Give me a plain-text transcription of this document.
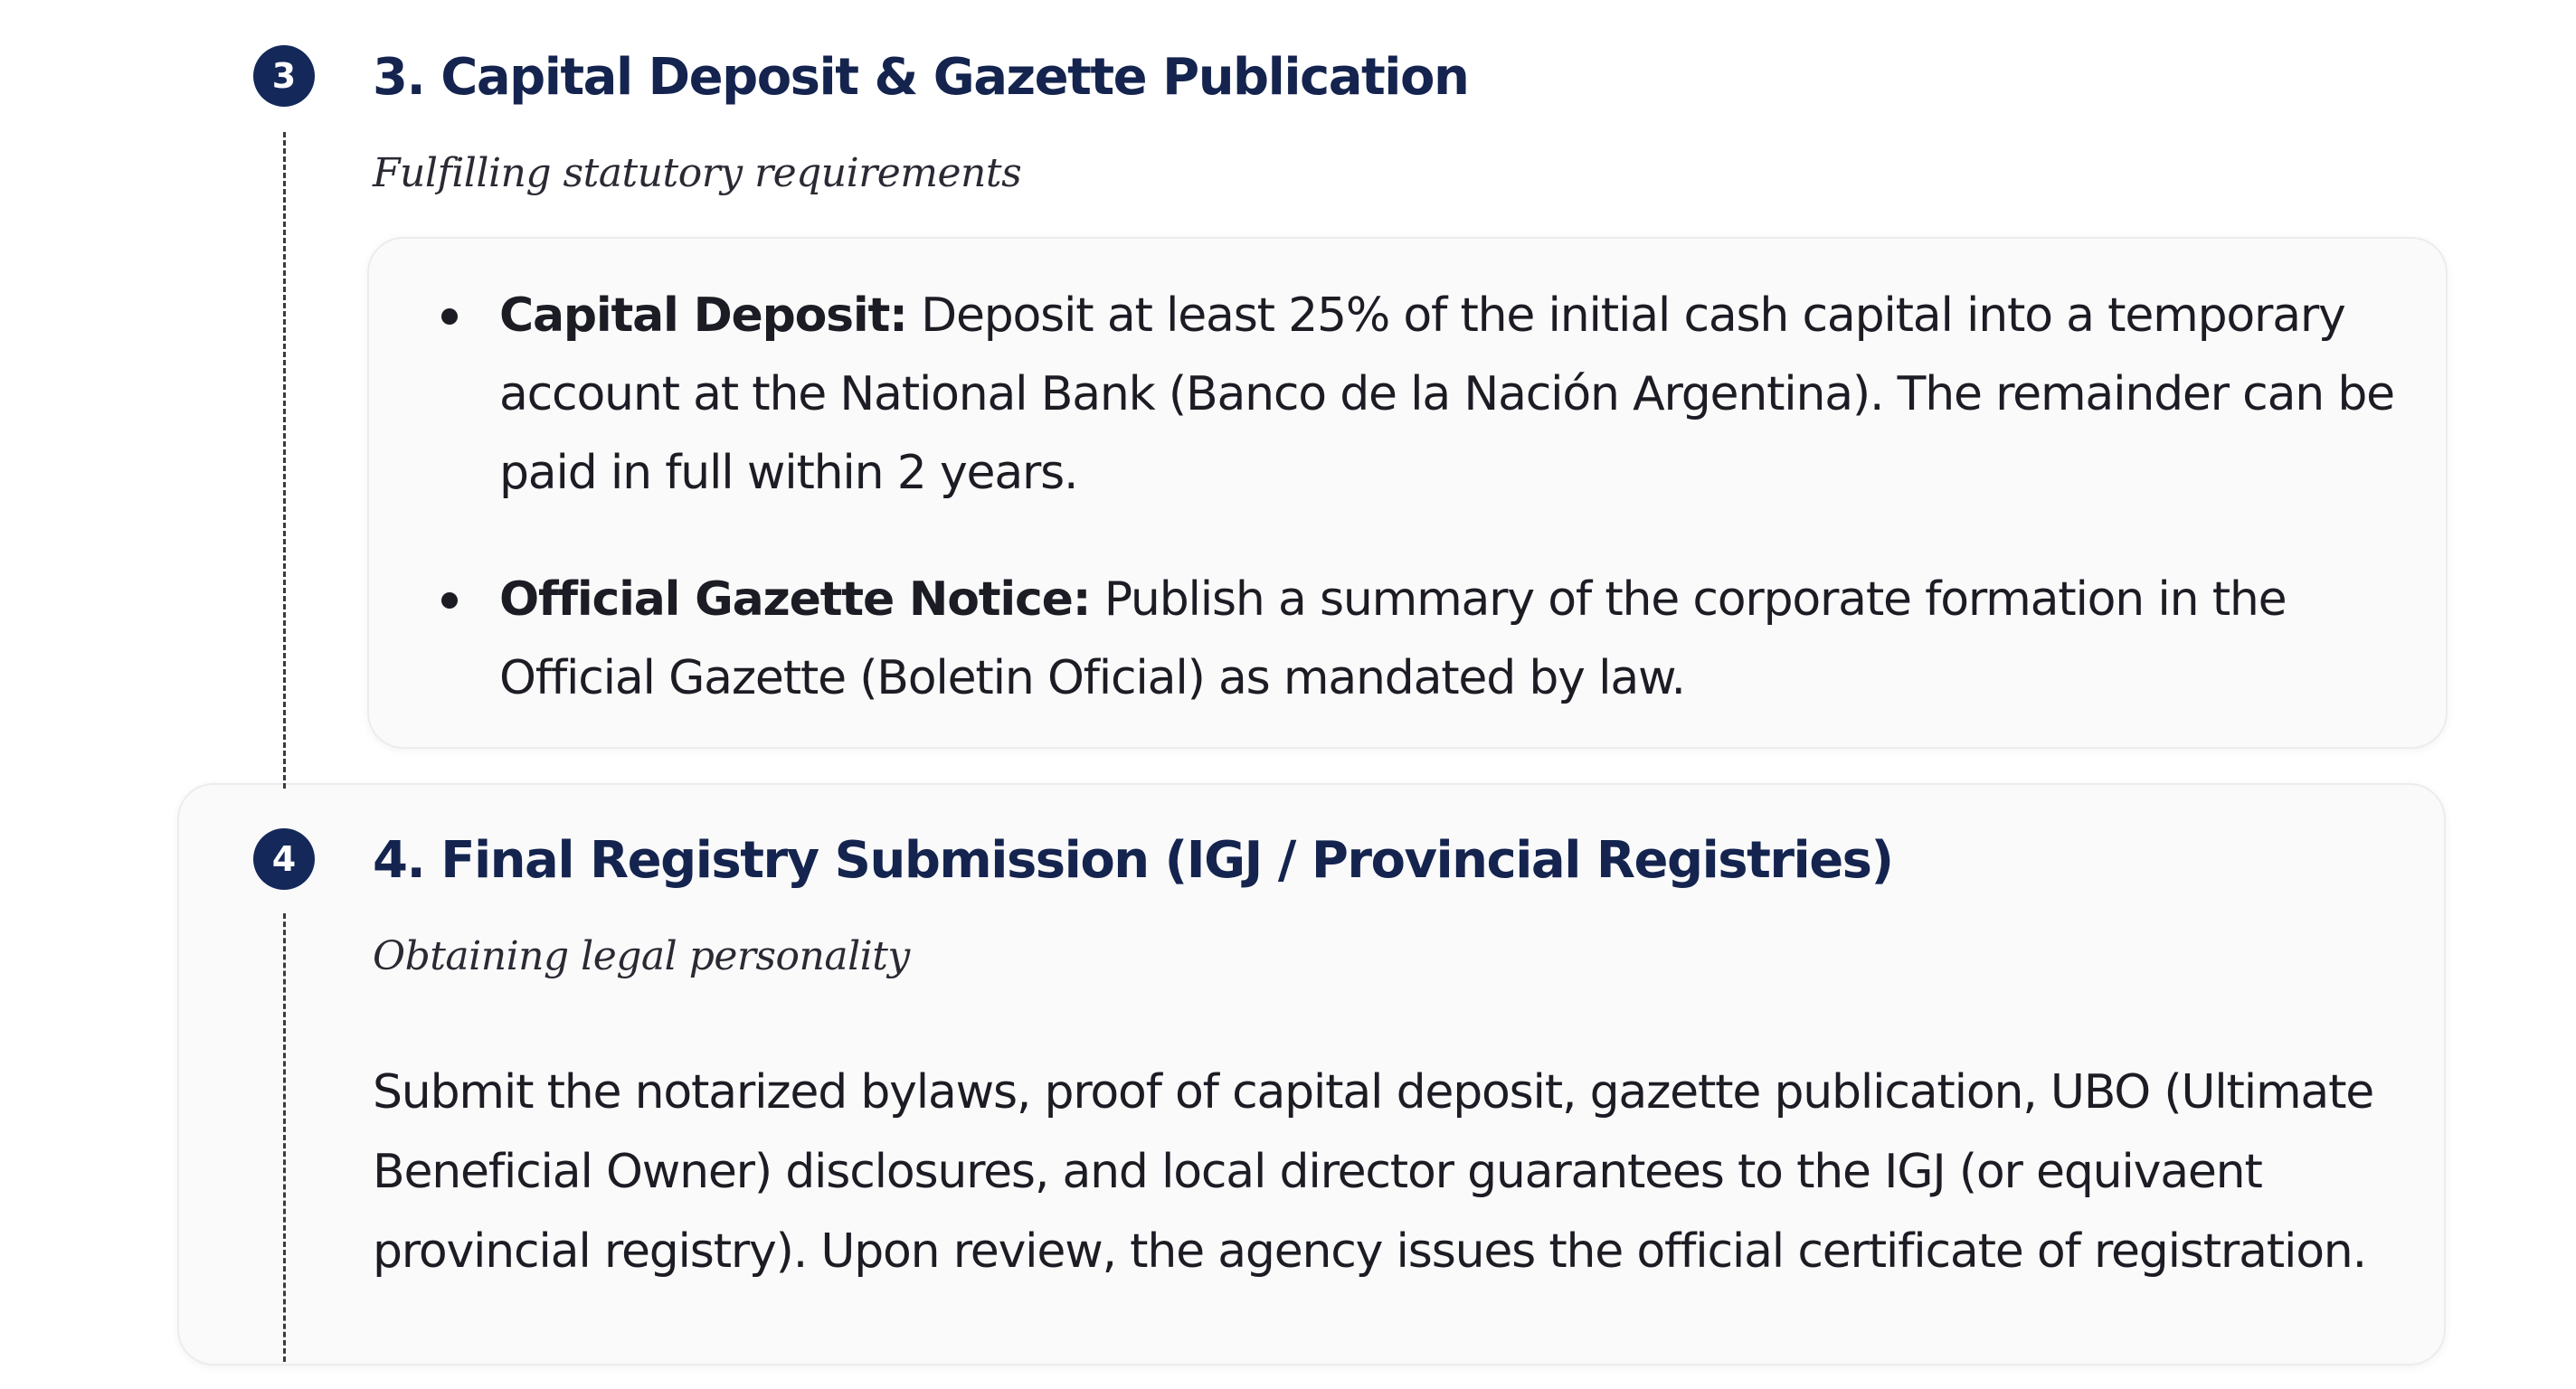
3	3. Capital Deposit & Gazette Publication

Fulfilling statutory requirements

Capital Deposit: Deposit at least 25% of the initial cash capital into a temporary account at the National Bank (Banco de la Nación Argentina). The remainder can be paid in full within 2 years.
Official Gazette Notice: Publish a summary of the corporate formation in the Official Gazette (Boletin Oficial) as mandated by law.
4	4. Final Registry Submission (IGJ / Provincial Registries)

Obtaining legal personality

Submit the notarized bylaws, proof of capital deposit, gazette publication, UBO (Ultimate Beneficial Owner) disclosures, and local director guarantees to the IGJ (or equivaent provincial registry). Upon review, the agency issues the official certificate of registration.
